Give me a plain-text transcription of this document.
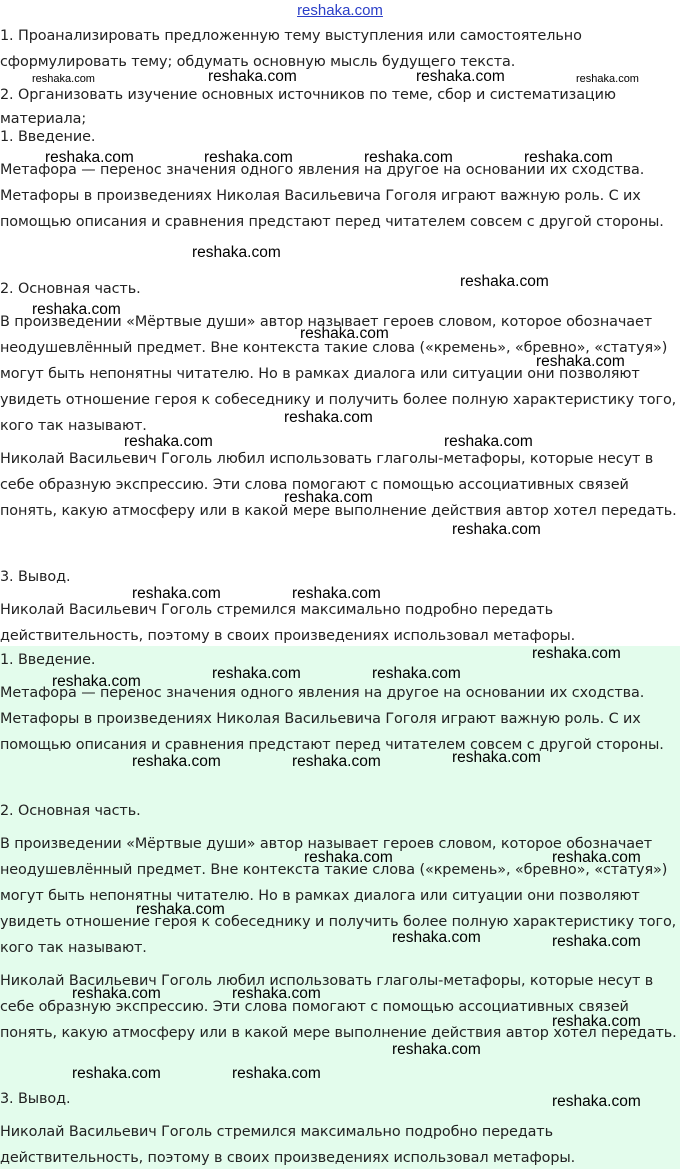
reshaka.com
1. Проанализировать предложенную тему выступления или самостоятельно
сформулировать тему; обдумать основную мысль будущего текста.
2. Организовать изучение основных источников по теме, сбор и систематизацию
материала;
1. Введение.
Метафора — перенос значения одного явления на другое на основании их сходства.
Метафоры в произведениях Николая Васильевича Гоголя играют важную роль. С их
помощью описания и сравнения предстают перед читателем совсем с другой стороны.
2. Основная часть.
В произведении «Мёртвые души» автор называет героев словом, которое обозначает
неодушевлённый предмет. Вне контекста такие слова («кремень», «бревно», «статуя»)
могут быть непонятны читателю. Но в рамках диалога или ситуации они позволяют
увидеть отношение героя к собеседнику и получить более полную характеристику того,
кого так называют.
Николай Васильевич Гоголь любил использовать глаголы-метафоры, которые несут в
себе образную экспрессию. Эти слова помогают с помощью ассоциативных связей
понять, какую атмосферу или в какой мере выполнение действия автор хотел передать.
3. Вывод.
Николай Васильевич Гоголь стремился максимально подробно передать
действительность, поэтому в своих произведениях использовал метафоры.
1. Введение.
Метафора — перенос значения одного явления на другое на основании их сходства.
Метафоры в произведениях Николая Васильевича Гоголя играют важную роль. С их
помощью описания и сравнения предстают перед читателем совсем с другой стороны.
2. Основная часть.
В произведении «Мёртвые души» автор называет героев словом, которое обозначает
неодушевлённый предмет. Вне контекста такие слова («кремень», «бревно», «статуя»)
могут быть непонятны читателю. Но в рамках диалога или ситуации они позволяют
увидеть отношение героя к собеседнику и получить более полную характеристику того,
кого так называют.
Николай Васильевич Гоголь любил использовать глаголы-метафоры, которые несут в
себе образную экспрессию. Эти слова помогают с помощью ассоциативных связей
понять, какую атмосферу или в какой мере выполнение действия автор хотел передать.
3. Вывод.
Николай Васильевич Гоголь стремился максимально подробно передать
действительность, поэтому в своих произведениях использовал метафоры.
reshaka.com	reshaka.com	reshaka.com	reshaka.com
reshaka.com	reshaka.com	reshaka.com	reshaka.com
reshaka.com
reshaka.com
reshaka.com
reshaka.com
reshaka.com
reshaka.com
reshaka.com	reshaka.com
reshaka.com
reshaka.com
reshaka.com	reshaka.com
reshaka.com
reshaka.com	reshaka.com
reshaka.com
reshaka.com	reshaka.com	reshaka.com
reshaka.com	reshaka.com
reshaka.com
reshaka.com	reshaka.com
reshaka.com	reshaka.com
reshaka.com
reshaka.com
reshaka.com	reshaka.com
reshaka.com
